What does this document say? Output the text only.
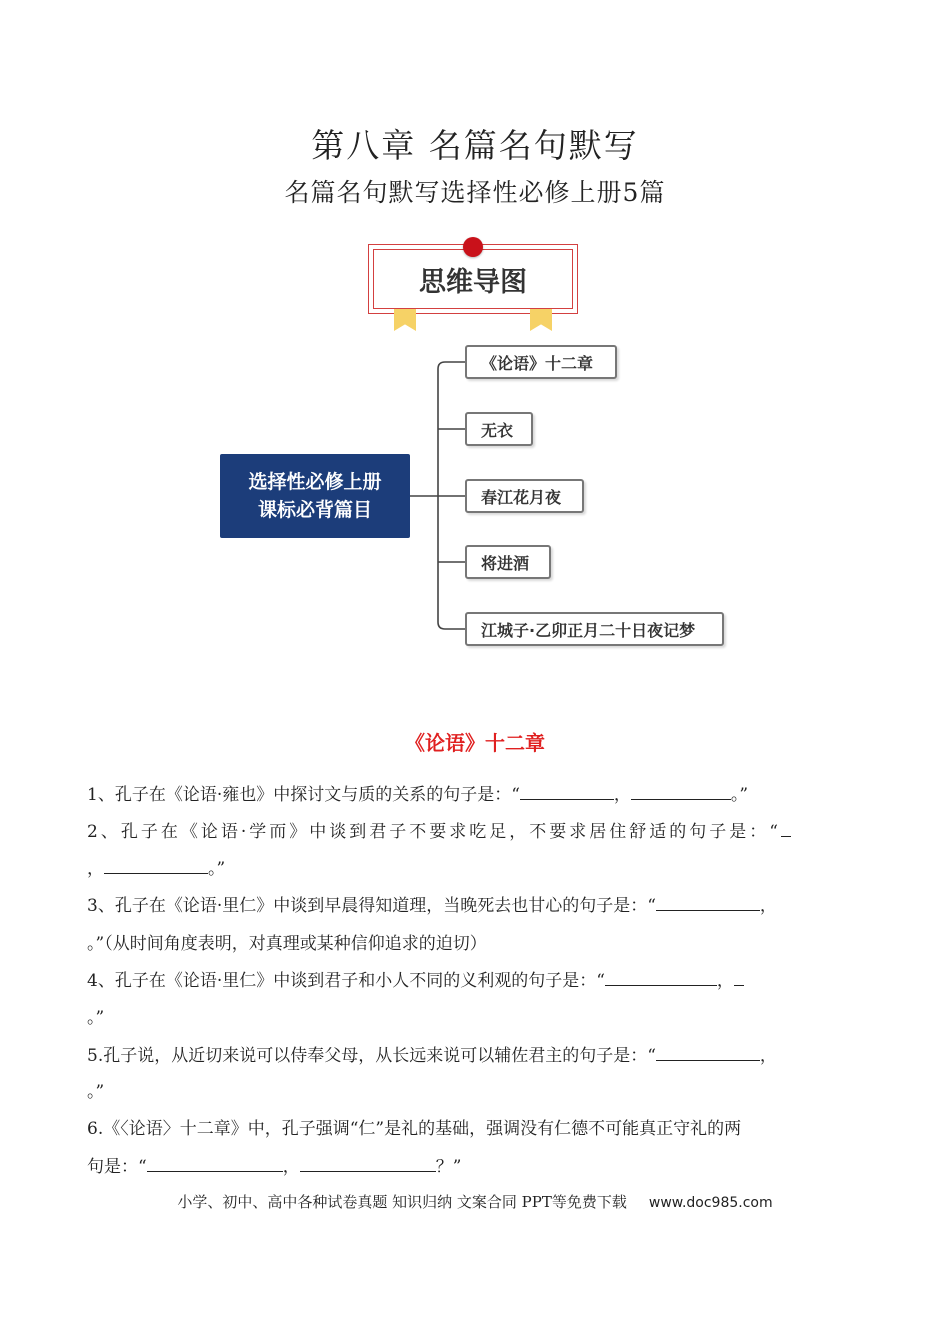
第八章 名篇名句默写
名篇名句默写选择性必修上册5篇
思维导图
选择性必修上册
课标必背篇目
《论语》十二章
无衣
春江花月夜
将进酒
江城子·乙卯正月二十日夜记梦
《论语》十二章
1、孔子在《论语·雍也》中探讨文与质的关系的句子是：“	，	。”
2、孔子在《论语·学而》中谈到君子不要求吃足，不要求居住舒适的句子是：“
，	。”
3、孔子在《论语·里仁》中谈到早晨得知道理，当晚死去也甘心的句子是：“	，
。”（从时间角度表明，对真理或某种信仰追求的迫切）
4、孔子在《论语·里仁》中谈到君子和小人不同的义利观的句子是：“	，
。”
5.孔子说，从近切来说可以侍奉父母，从长远来说可以辅佐君主的句子是：“	，
。”
6.《〈论语〉十二章》中，孔子强调“仁”是礼的基础，强调没有仁德不可能真正守礼的两
句是：“	，	？”
小学、初中、高中各种试卷真题 知识归纳 文案合同 PPT等免费下载 www.doc985.com
